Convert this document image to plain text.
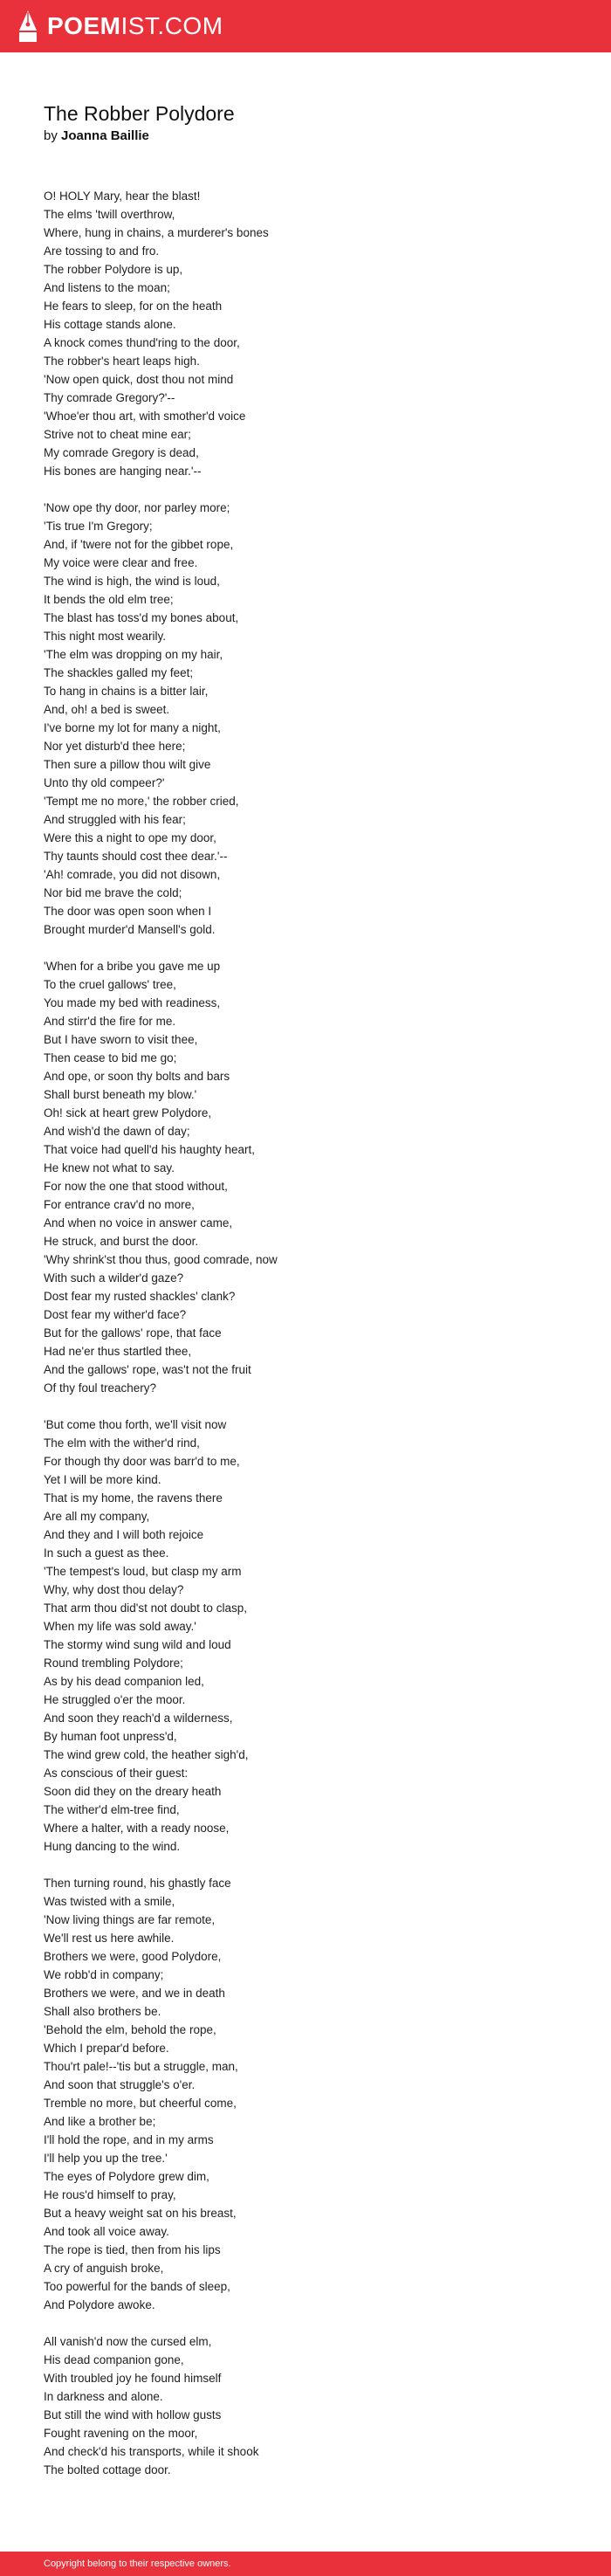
POEMIST.COM
The Robber Polydore
by Joanna Baillie
O! HOLY Mary, hear the blast!
The elms 'twill overthrow,
Where, hung in chains, a murderer's bones
Are tossing to and fro.
The robber Polydore is up,
And listens to the moan;
He fears to sleep, for on the heath
His cottage stands alone.
A knock comes thund'ring to the door,
The robber's heart leaps high.
'Now open quick, dost thou not mind
Thy comrade Gregory?'--
'Whoe'er thou art, with smother'd voice
Strive not to cheat mine ear;
My comrade Gregory is dead,
His bones are hanging near.'--
'Now ope thy door, nor parley more;
'Tis true I'm Gregory;
And, if 'twere not for the gibbet rope,
My voice were clear and free.
The wind is high, the wind is loud,
It bends the old elm tree;
The blast has toss'd my bones about,
This night most wearily.
'The elm was dropping on my hair,
The shackles galled my feet;
To hang in chains is a bitter lair,
And, oh! a bed is sweet.
I've borne my lot for many a night,
Nor yet disturb'd thee here;
Then sure a pillow thou wilt give
Unto thy old compeer?'
'Tempt me no more,' the robber cried,
And struggled with his fear;
Were this a night to ope my door,
Thy taunts should cost thee dear.'--
'Ah! comrade, you did not disown,
Nor bid me brave the cold;
The door was open soon when I
Brought murder'd Mansell's gold.
'When for a bribe you gave me up
To the cruel gallows' tree,
You made my bed with readiness,
And stirr'd the fire for me.
But I have sworn to visit thee,
Then cease to bid me go;
And ope, or soon thy bolts and bars
Shall burst beneath my blow.'
Oh! sick at heart grew Polydore,
And wish'd the dawn of day;
That voice had quell'd his haughty heart,
He knew not what to say.
For now the one that stood without,
For entrance crav'd no more,
And when no voice in answer came,
He struck, and burst the door.
'Why shrink'st thou thus, good comrade, now
With such a wilder'd gaze?
Dost fear my rusted shackles' clank?
Dost fear my wither'd face?
But for the gallows' rope, that face
Had ne'er thus startled thee,
And the gallows' rope, was't not the fruit
Of thy foul treachery?
'But come thou forth, we'll visit now
The elm with the wither'd rind,
For though thy door was barr'd to me,
Yet I will be more kind.
That is my home, the ravens there
Are all my company,
And they and I will both rejoice
In such a guest as thee.
'The tempest's loud, but clasp my arm
Why, why dost thou delay?
That arm thou did'st not doubt to clasp,
When my life was sold away.'
The stormy wind sung wild and loud
Round trembling Polydore;
As by his dead companion led,
He struggled o'er the moor.
And soon they reach'd a wilderness,
By human foot unpress'd,
The wind grew cold, the heather sigh'd,
As conscious of their guest:
Soon did they on the dreary heath
The wither'd elm-tree find,
Where a halter, with a ready noose,
Hung dancing to the wind.
Then turning round, his ghastly face
Was twisted with a smile,
'Now living things are far remote,
We'll rest us here awhile.
Brothers we were, good Polydore,
We robb'd in company;
Brothers we were, and we in death
Shall also brothers be.
'Behold the elm, behold the rope,
Which I prepar'd before.
Thou'rt pale!--'tis but a struggle, man,
And soon that struggle's o'er.
Tremble no more, but cheerful come,
And like a brother be;
I'll hold the rope, and in my arms
I'll help you up the tree.'
The eyes of Polydore grew dim,
He rous'd himself to pray,
But a heavy weight sat on his breast,
And took all voice away.
The rope is tied, then from his lips
A cry of anguish broke,
Too powerful for the bands of sleep,
And Polydore awoke.
All vanish'd now the cursed elm,
His dead companion gone,
With troubled joy he found himself
In darkness and alone.
But still the wind with hollow gusts
Fought ravening on the moor,
And check'd his transports, while it shook
The bolted cottage door.
Copyright belong to their respective owners.
